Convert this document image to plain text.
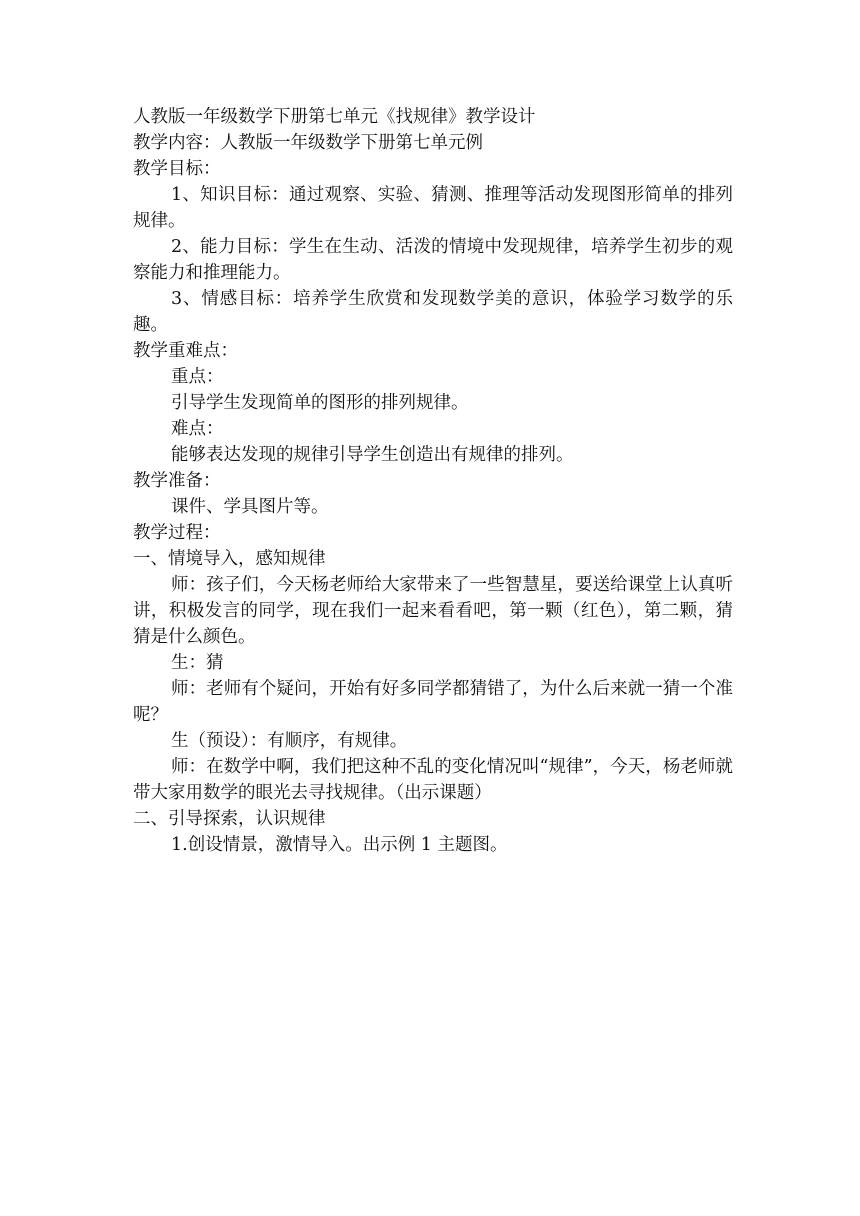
人教版一年级数学下册第七单元《找规律》教学设计

教学内容：人教版一年级数学下册第七单元例

教学目标：

1、知识目标：通过观察、实验、猜测、推理等活动发现图形简单的排列规律。

2、能力目标：学生在生动、活泼的情境中发现规律，培养学生初步的观察能力和推理能力。

3、情感目标：培养学生欣赏和发现数学美的意识，体验学习数学的乐趣。

教学重难点：

重点：

引导学生发现简单的图形的排列规律。

难点：

能够表达发现的规律引导学生创造出有规律的排列。

教学准备：

课件、学具图片等。

教学过程：

一、情境导入，感知规律

师：孩子们，今天杨老师给大家带来了一些智慧星，要送给课堂上认真听讲，积极发言的同学，现在我们一起来看看吧，第一颗（红色），第二颗，猜猜是什么颜色。

生：猜

师：老师有个疑问，开始有好多同学都猜错了，为什么后来就一猜一个准呢？

生（预设）：有顺序，有规律。

师：在数学中啊，我们把这种不乱的变化情况叫“规律”，今天，杨老师就带大家用数学的眼光去寻找规律。（出示课题）

二、引导探索，认识规律

1.创设情景，激情导入。出示例 1 主题图。
